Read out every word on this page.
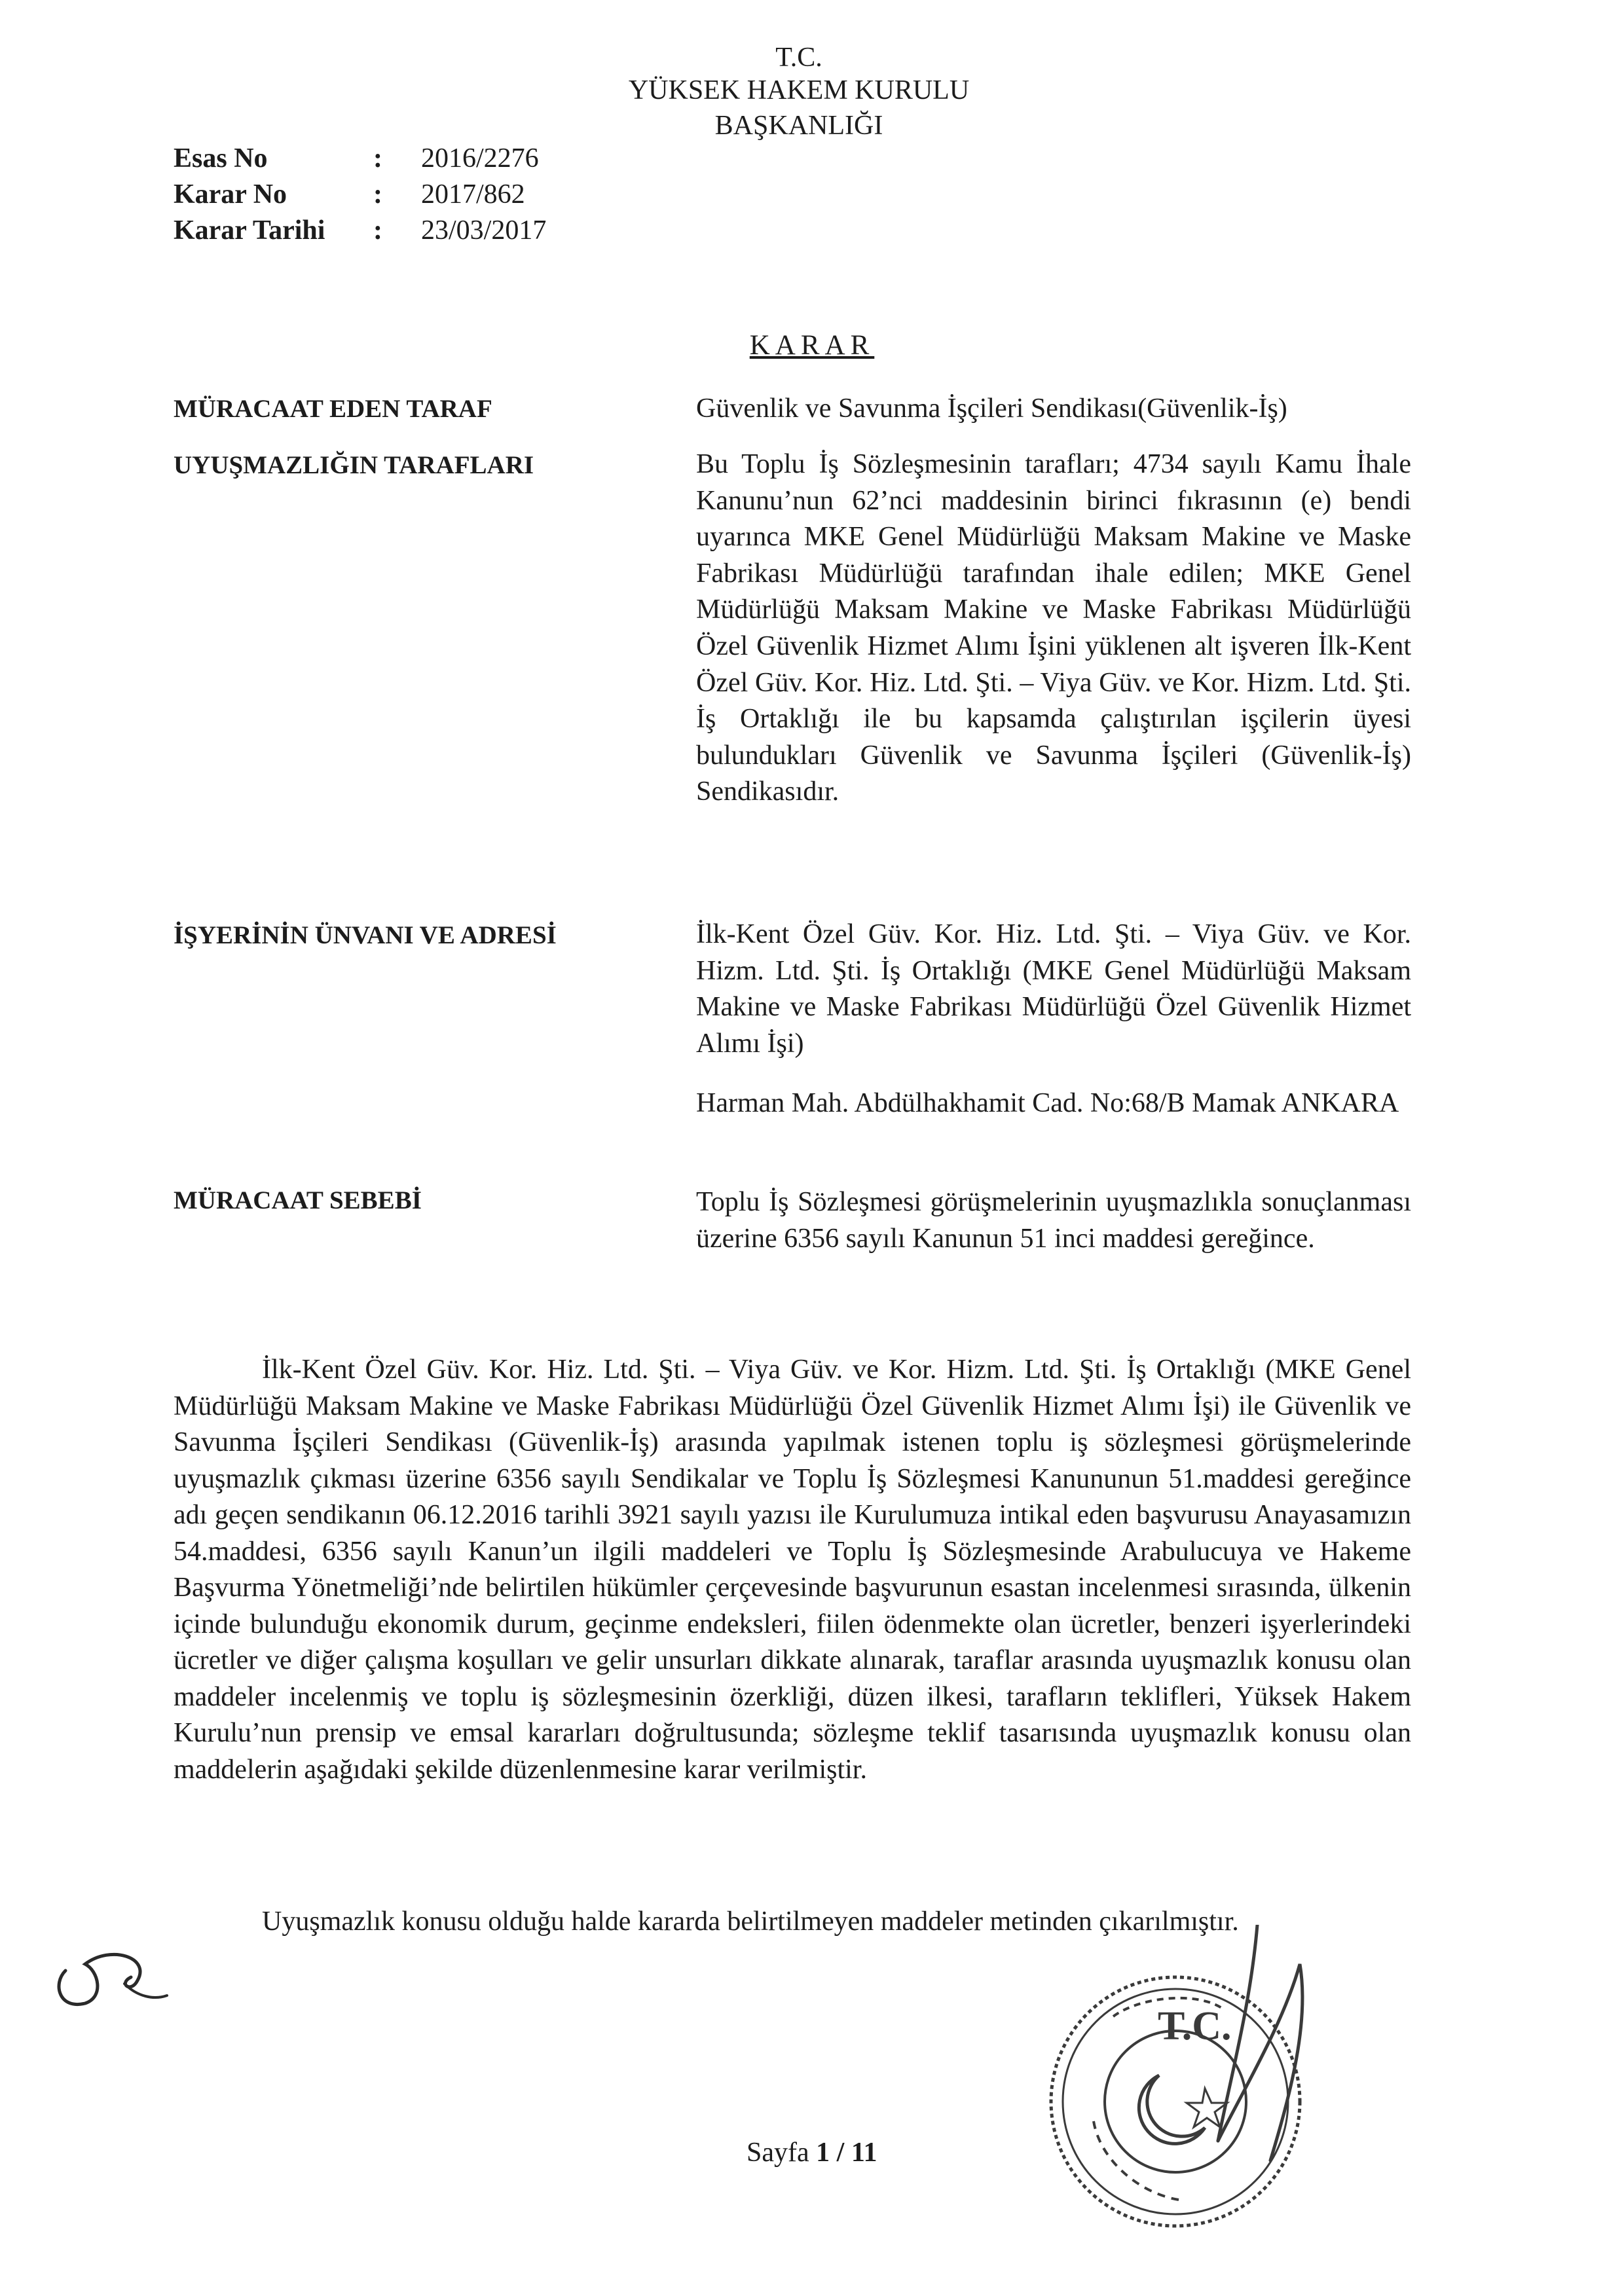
T.C.
YÜKSEK HAKEM KURULU
BAŞKANLIĞI
Esas No	: 2016/2276
Karar No	: 2017/862
Karar Tarihi : 23/03/2017
KARAR
MÜRACAAT EDEN TARAF	Güvenlik ve Savunma İşçileri Sendikası(Güvenlik-İş)

UYUŞMAZLIĞIN TARAFLARI	Bu Toplu İş Sözleşmesinin tarafları; 4734 sayılı Kamu İhale Kanunu’nun 62’nci maddesinin birinci fıkrasının (e) bendi uyarınca MKE Genel Müdürlüğü Maksam Makine ve Maske Fabrikası Müdürlüğü tarafından ihale edilen; MKE Genel Müdürlüğü Maksam Makine ve Maske Fabrikası Müdürlüğü Özel Güvenlik Hizmet Alımı İşini yüklenen alt işveren İlk-Kent Özel Güv. Kor. Hiz. Ltd. Şti. – Viya Güv. ve Kor. Hizm. Ltd. Şti. İş Ortaklığı ile bu kapsamda çalıştırılan işçilerin üyesi bulundukları Güvenlik ve Savunma İşçileri (Güvenlik-İş) Sendikasıdır.

İŞYERİNİN ÜNVANI VE ADRESİ	İlk-Kent Özel Güv. Kor. Hiz. Ltd. Şti. – Viya Güv. ve Kor. Hizm. Ltd. Şti. İş Ortaklığı (MKE Genel Müdürlüğü Maksam Makine ve Maske Fabrikası Müdürlüğü Özel Güvenlik Hizmet Alımı İşi)

Harman Mah. Abdülhakhamit Cad. No:68/B Mamak ANKARA

MÜRACAAT SEBEBİ	Toplu İş Sözleşmesi görüşmelerinin uyuşmazlıkla sonuçlanması üzerine 6356 sayılı Kanunun 51 inci maddesi gereğince.

İlk-Kent Özel Güv. Kor. Hiz. Ltd. Şti. – Viya Güv. ve Kor. Hizm. Ltd. Şti. İş Ortaklığı (MKE Genel Müdürlüğü Maksam Makine ve Maske Fabrikası Müdürlüğü Özel Güvenlik Hizmet Alımı İşi) ile Güvenlik ve Savunma İşçileri Sendikası (Güvenlik-İş) arasında yapılmak istenen toplu iş sözleşmesi görüşmelerinde uyuşmazlık çıkması üzerine 6356 sayılı Sendikalar ve Toplu İş Sözleşmesi Kanununun 51.maddesi gereğince adı geçen sendikanın 06.12.2016 tarihli 3921 sayılı yazısı ile Kurulumuza intikal eden başvurusu Anayasamızın 54.maddesi, 6356 sayılı Kanun’un ilgili maddeleri ve Toplu İş Sözleşmesinde Arabulucuya ve Hakeme Başvurma Yönetmeliği’nde belirtilen hükümler çerçevesinde başvurunun esastan incelenmesi sırasında, ülkenin içinde bulunduğu ekonomik durum, geçinme endeksleri, fiilen ödenmekte olan ücretler, benzeri işyerlerindeki ücretler ve diğer çalışma koşulları ve gelir unsurları dikkate alınarak, taraflar arasında uyuşmazlık konusu olan maddeler incelenmiş ve toplu iş sözleşmesinin özerkliği, düzen ilkesi, tarafların teklifleri, Yüksek Hakem Kurulu’nun prensip ve emsal kararları doğrultusunda; sözleşme teklif tasarısında uyuşmazlık konusu olan maddelerin aşağıdaki şekilde düzenlenmesine karar verilmiştir.

Uyuşmazlık konusu olduğu halde kararda belirtilmeyen maddeler metinden çıkarılmıştır.

Sayfa 1 / 11
T.C.
